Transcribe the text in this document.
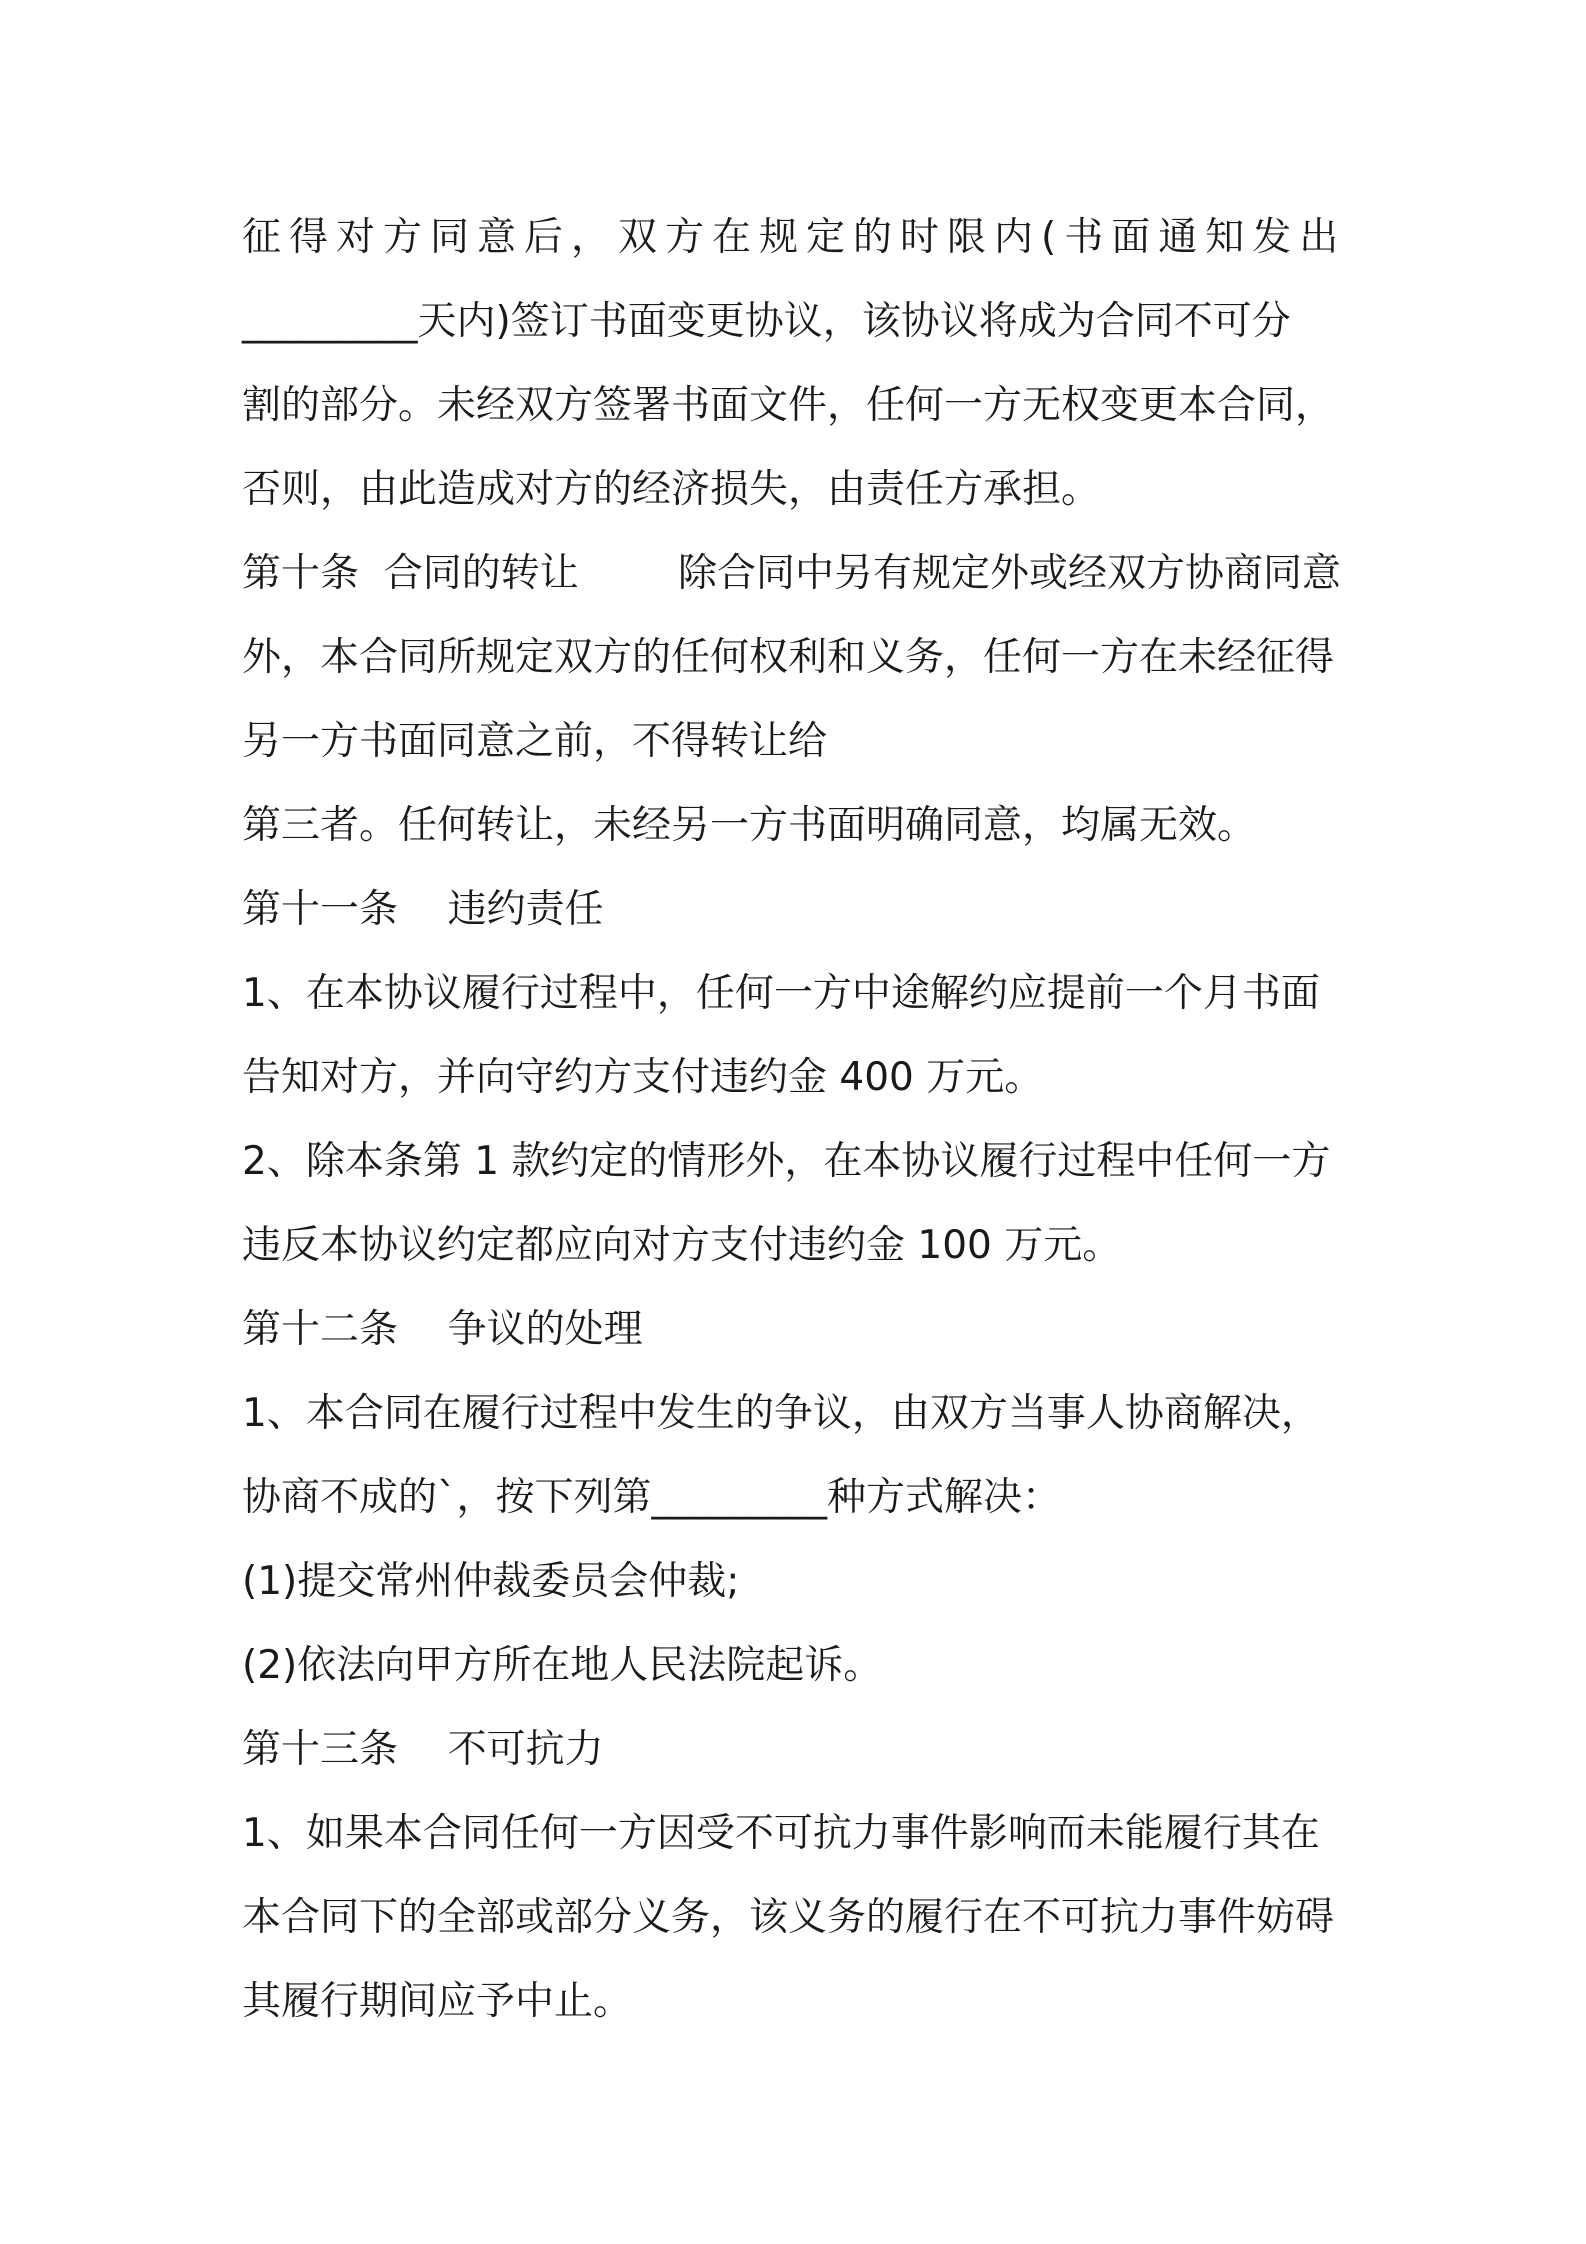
征得对方同意后，双方在规定的时限内(书面通知发出
_________天内)签订书面变更协议，该协议将成为合同不可分
割的部分。未经双方签署书面文件，任何一方无权变更本合同，
否则，由此造成对方的经济损失，由责任方承担。
第十条  合同的转让        除合同中另有规定外或经双方协商同意
外，本合同所规定双方的任何权利和义务，任何一方在未经征得
另一方书面同意之前，不得转让给
第三者。任何转让，未经另一方书面明确同意，均属无效。
第十一条    违约责任
1、在本协议履行过程中，任何一方中途解约应提前一个月书面
告知对方，并向守约方支付违约金 400 万元。
2、除本条第 1 款约定的情形外，在本协议履行过程中任何一方
违反本协议约定都应向对方支付违约金 100 万元。
第十二条    争议的处理
1、本合同在履行过程中发生的争议，由双方当事人协商解决，
协商不成的`，按下列第_________种方式解决：
(1)提交常州仲裁委员会仲裁;
(2)依法向甲方所在地人民法院起诉。
第十三条    不可抗力
1、如果本合同任何一方因受不可抗力事件影响而未能履行其在
本合同下的全部或部分义务，该义务的履行在不可抗力事件妨碍
其履行期间应予中止。
